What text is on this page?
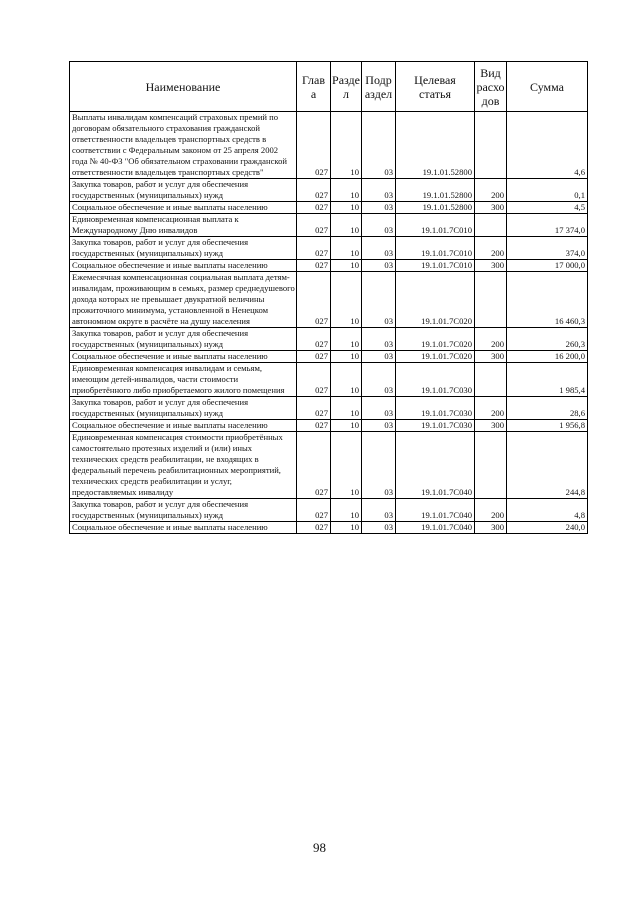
Наименование	Глав а	Разде л	Подр аздел	Целевая статья	Вид расхо дов	Сумма
Выплаты инвалидам компенсаций страховых премий по договорам обязательного страхования гражданской ответственности владельцев транспортных средств в соответствии с Федеральным законом от 25 апреля 2002 года № 40-ФЗ "Об обязательном страховании гражданской ответственности владельцев транспортных средств"	027	10	03	19.1.01.52800		4,6
Закупка товаров, работ и услуг для обеспечения государственных (муниципальных) нужд	027	10	03	19.1.01.52800	200	0,1
Социальное обеспечение и иные выплаты населению	027	10	03	19.1.01.52800	300	4,5
Единовременная компенсационная выплата к Международному Дню инвалидов	027	10	03	19.1.01.7С010		17 374,0
Закупка товаров, работ и услуг для обеспечения государственных (муниципальных) нужд	027	10	03	19.1.01.7С010	200	374,0
Социальное обеспечение и иные выплаты населению	027	10	03	19.1.01.7С010	300	17 000,0
Ежемесячная компенсационная социальная выплата детям-инвалидам, проживающим в семьях, размер среднедушевого дохода которых не превышает двукратной величины прожиточного минимума, установленной в Ненецком автономном округе в расчёте на душу населения	027	10	03	19.1.01.7С020		16 460,3
Закупка товаров, работ и услуг для обеспечения государственных (муниципальных) нужд	027	10	03	19.1.01.7С020	200	260,3
Социальное обеспечение и иные выплаты населению	027	10	03	19.1.01.7С020	300	16 200,0
Единовременная компенсация инвалидам и семьям, имеющим детей-инвалидов, части стоимости приобретённого либо приобретаемого жилого помещения	027	10	03	19.1.01.7С030		1 985,4
Закупка товаров, работ и услуг для обеспечения государственных (муниципальных) нужд	027	10	03	19.1.01.7С030	200	28,6
Социальное обеспечение и иные выплаты населению	027	10	03	19.1.01.7С030	300	1 956,8
Единовременная компенсация стоимости приобретённых самостоятельно протезных изделий и (или) иных технических средств реабилитации, не входящих в федеральный перечень реабилитационных мероприятий, технических средств реабилитации и услуг, предоставляемых инвалиду	027	10	03	19.1.01.7С040		244,8
Закупка товаров, работ и услуг для обеспечения государственных (муниципальных) нужд	027	10	03	19.1.01.7С040	200	4,8
Социальное обеспечение и иные выплаты населению	027	10	03	19.1.01.7С040	300	240,0
98
